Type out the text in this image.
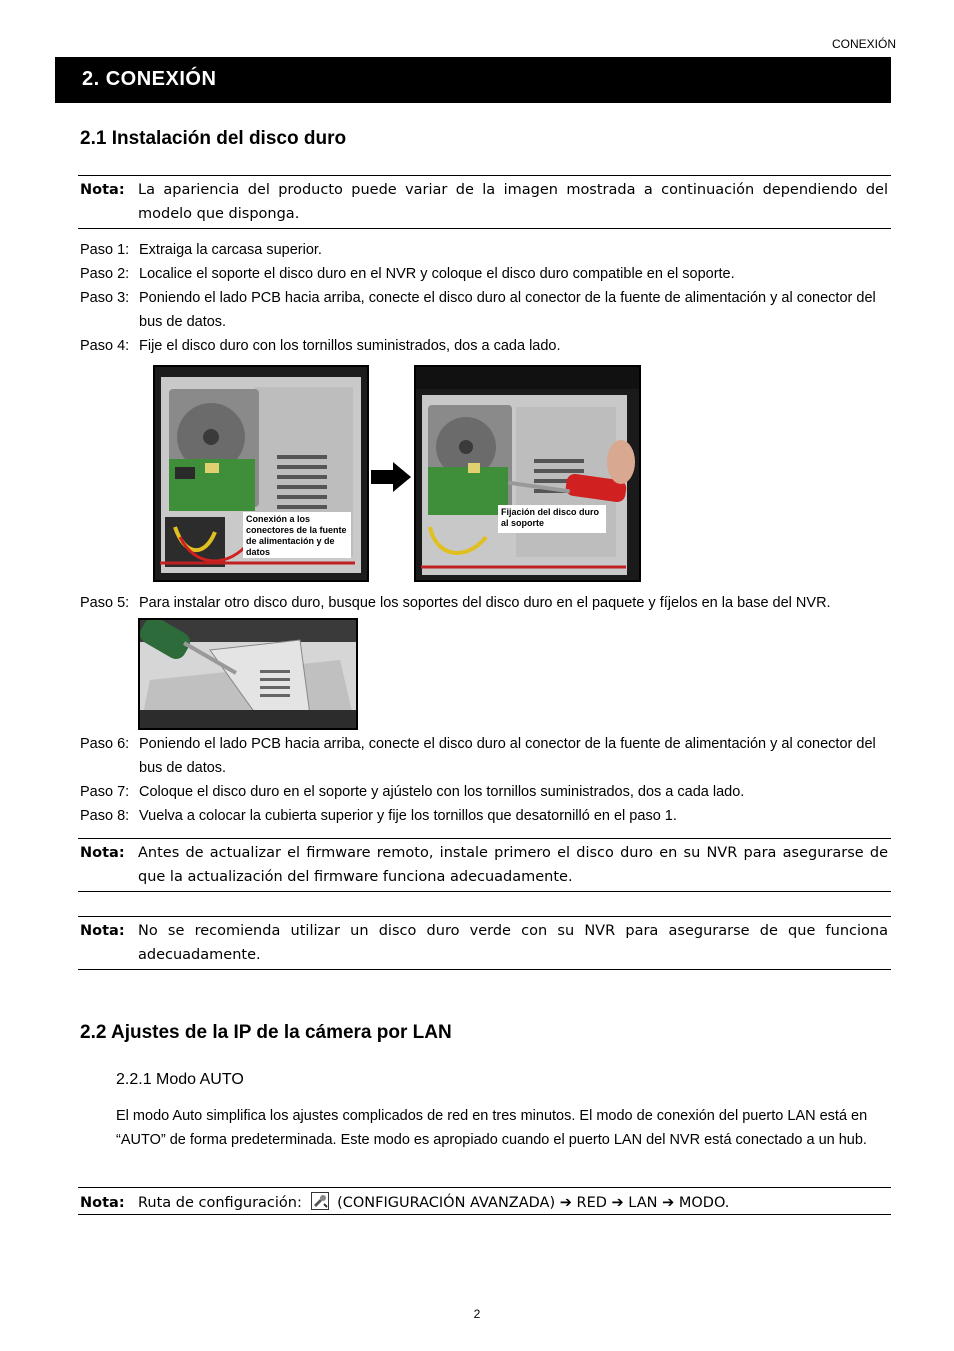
CONEXIÓN
2. CONEXIÓN
2.1 Instalación del disco duro
Nota: La apariencia del producto puede variar de la imagen mostrada a continuación dependiendo del modelo que disponga.
Paso 1: Extraiga la carcasa superior.
Paso 2: Localice el soporte el disco duro en el NVR y coloque el disco duro compatible en el soporte.
Paso 3: Poniendo el lado PCB hacia arriba, conecte el disco duro al conector de la fuente de alimentación y al conector del bus de datos.
Paso 4: Fije el disco duro con los tornillos suministrados, dos a cada lado.
Conexión a los conectores de la fuente de alimentación y de datos
Fijación del disco duro al soporte
Paso 5: Para instalar otro disco duro, busque los soportes del disco duro en el paquete y fíjelos en la base del NVR.
Paso 6: Poniendo el lado PCB hacia arriba, conecte el disco duro al conector de la fuente de alimentación y al conector del bus de datos.
Paso 7: Coloque el disco duro en el soporte y ajústelo con los tornillos suministrados, dos a cada lado.
Paso 8: Vuelva a colocar la cubierta superior y fije los tornillos que desatornilló en el paso 1.
Nota: Antes de actualizar el firmware remoto, instale primero el disco duro en su NVR para asegurarse de que la actualización del firmware funciona adecuadamente.
Nota: No se recomienda utilizar un disco duro verde con su NVR para asegurarse de que funciona adecuadamente.
2.2 Ajustes de la IP de la cámera por LAN
2.2.1 Modo AUTO
El modo Auto simplifica los ajustes complicados de red en tres minutos. El modo de conexión del puerto LAN está en “AUTO” de forma predeterminada. Este modo es apropiado cuando el puerto LAN del NVR está conectado a un hub.
Nota: Ruta de configuración: (CONFIGURACIÓN AVANZADA) ➔ RED ➔ LAN ➔ MODO.
2
